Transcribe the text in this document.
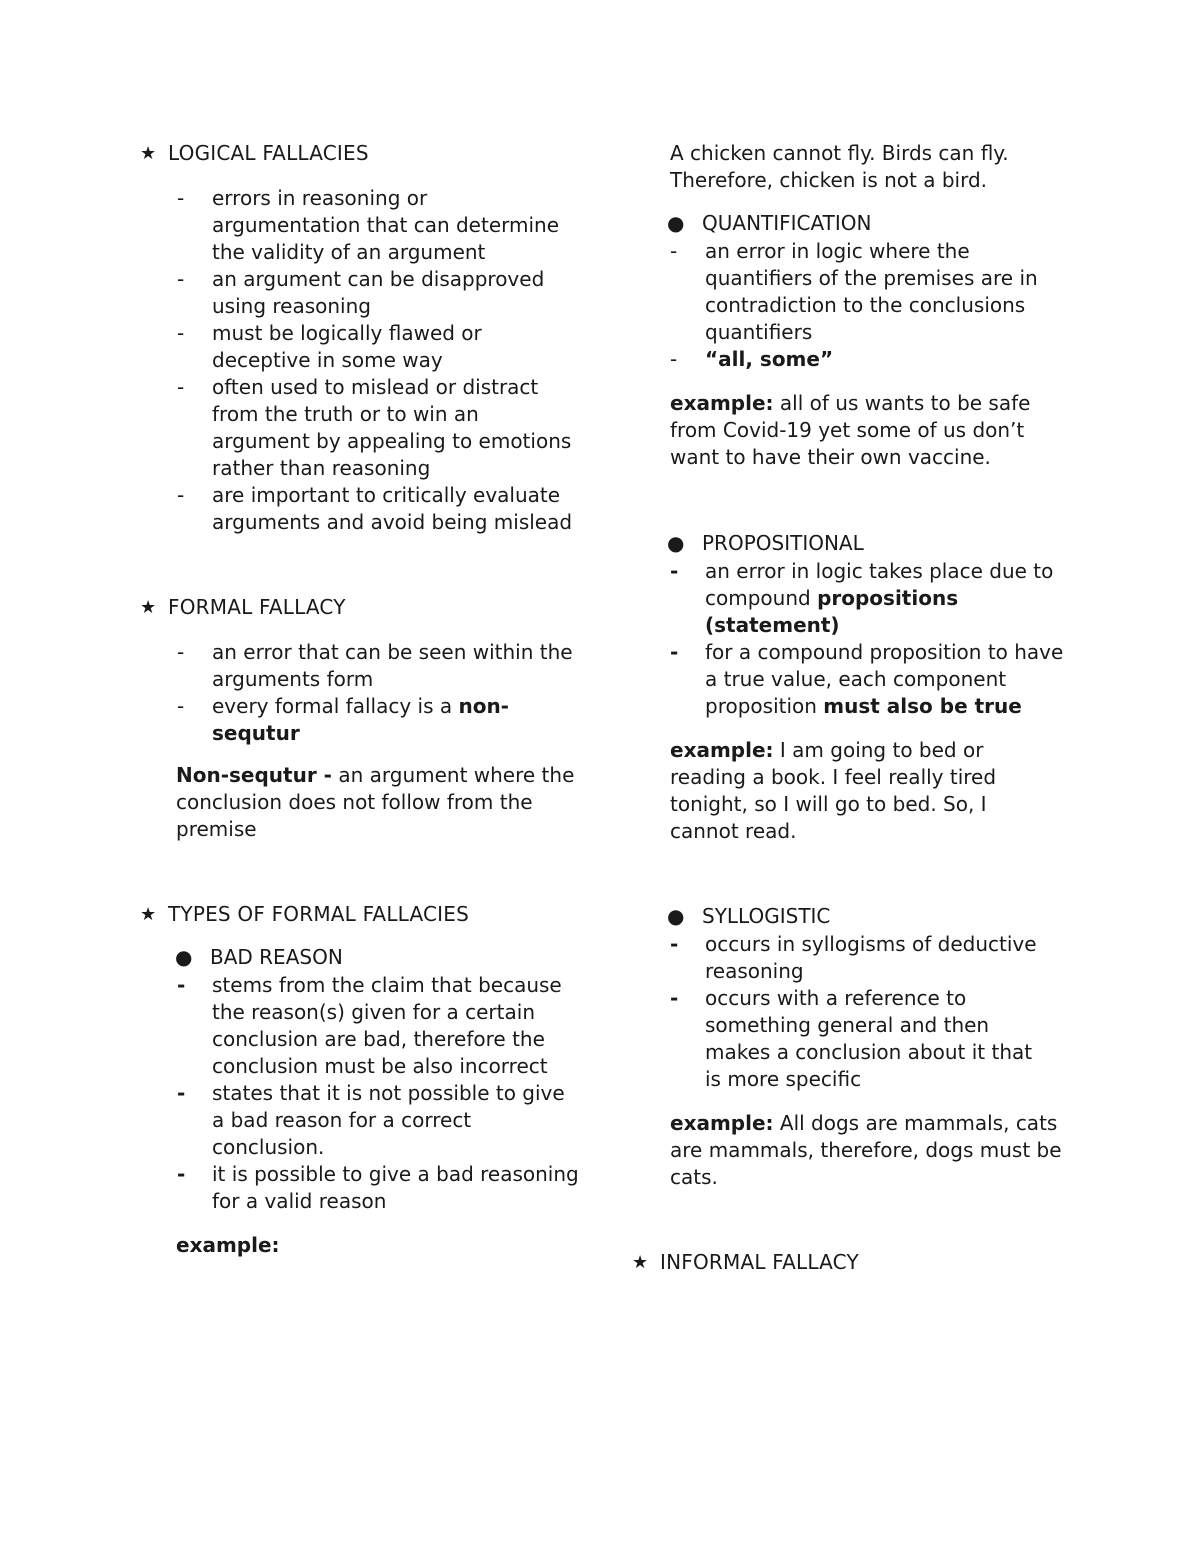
★ LOGICAL FALLACIES
- errors in reasoning or argumentation that can determine the validity of an argument
- an argument can be disapproved using reasoning
- must be logically flawed or deceptive in some way
- often used to mislead or distract from the truth or to win an argument by appealing to emotions rather than reasoning
- are important to critically evaluate arguments and avoid being mislead
★ FORMAL FALLACY
- an error that can be seen within the arguments form
- every formal fallacy is a non-sequtur

Non-sequtur - an argument where the conclusion does not follow from the premise

★ TYPES OF FORMAL FALLACIES
● BAD REASON
- stems from the claim that because the reason(s) given for a certain conclusion are bad, therefore the conclusion must be also incorrect
- states that it is not possible to give a bad reason for a correct conclusion.
- it is possible to give a bad reasoning for a valid reason

example:

A chicken cannot fly. Birds can fly. Therefore, chicken is not a bird.

● QUANTIFICATION
- an error in logic where the quantifiers of the premises are in contradiction to the conclusions quantifiers
- “all, some”

example: all of us wants to be safe from Covid-19 yet some of us don’t want to have their own vaccine.

● PROPOSITIONAL
- an error in logic takes place due to compound propositions (statement)
- for a compound proposition to have a true value, each component proposition must also be true

example: I am going to bed or reading a book. I feel really tired tonight, so I will go to bed. So, I cannot read.

● SYLLOGISTIC
- occurs in syllogisms of deductive reasoning
- occurs with a reference to something general and then makes a conclusion about it that is more specific

example: All dogs are mammals, cats are mammals, therefore, dogs must be cats.

★ INFORMAL FALLACY
